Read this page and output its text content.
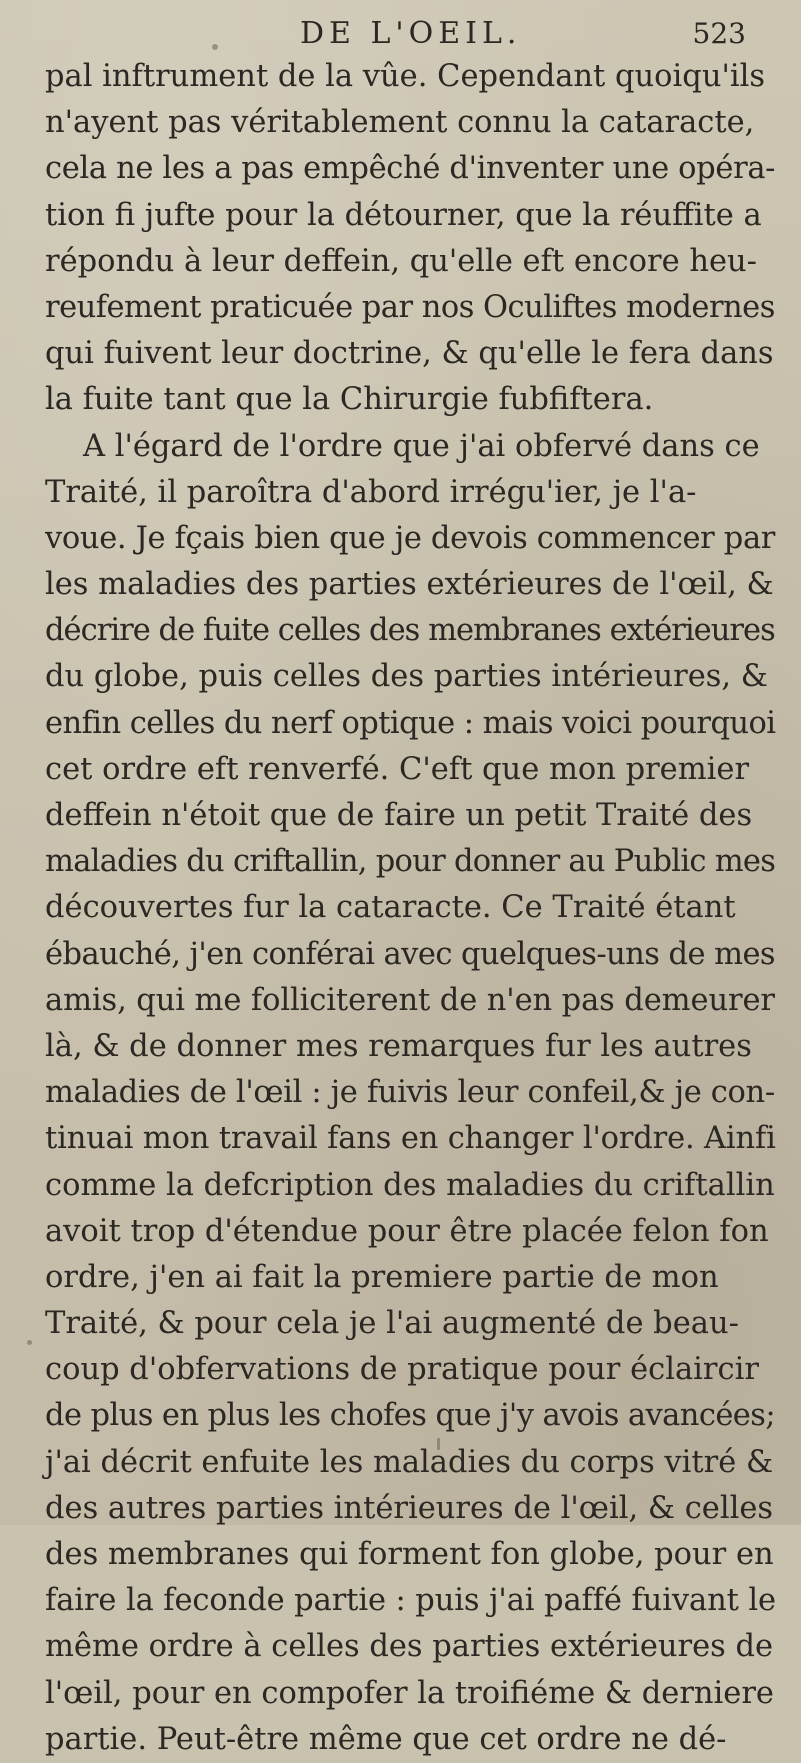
DE L'OEIL.	523
pal inftrument de la vûe. Cependant quoiqu'ils
n'ayent pas véritablement connu la cataracte,
cela ne les a pas empêché d'inventer une opéra-
tion fi jufte pour la détourner, que la réuffite a
répondu à leur deffein, qu'elle eft encore heu-
reufement praticuée par nos Oculiftes modernes
qui fuivent leur doctrine, & qu'elle le fera dans
la fuite tant que la Chirurgie fubfiftera.
A l'égard de l'ordre que j'ai obfervé dans ce
Traité, il paroîtra d'abord irrégu'ier, je l'a-
voue. Je fçais bien que je devois commencer par
les maladies des parties extérieures de l'œil, &
décrire de fuite celles des membranes extérieures
du globe, puis celles des parties intérieures, &
enfin celles du nerf optique : mais voici pourquoi
cet ordre eft renverfé. C'eft que mon premier
deffein n'étoit que de faire un petit Traité des
maladies du criftallin, pour donner au Public mes
découvertes fur la cataracte. Ce Traité étant
ébauché, j'en conférai avec quelques-uns de mes
amis, qui me folliciterent de n'en pas demeurer
là, & de donner mes remarques fur les autres
maladies de l'œil : je fuivis leur confeil,& je con-
tinuai mon travail fans en changer l'ordre. Ainfi
comme la defcription des maladies du criftallin
avoit trop d'étendue pour être placée felon fon
ordre, j'en ai fait la premiere partie de mon
Traité, & pour cela je l'ai augmenté de beau-
coup d'obfervations de pratique pour éclaircir
de plus en plus les chofes que j'y avois avancées;
j'ai décrit enfuite les maladies du corps vitré &
des autres parties intérieures de l'œil, & celles
des membranes qui forment fon globe, pour en
faire la feconde partie : puis j'ai paffé fuivant le
même ordre à celles des parties extérieures de
l'œil, pour en compofer la troifiéme & derniere
partie. Peut-être même que cet ordre ne dé-
